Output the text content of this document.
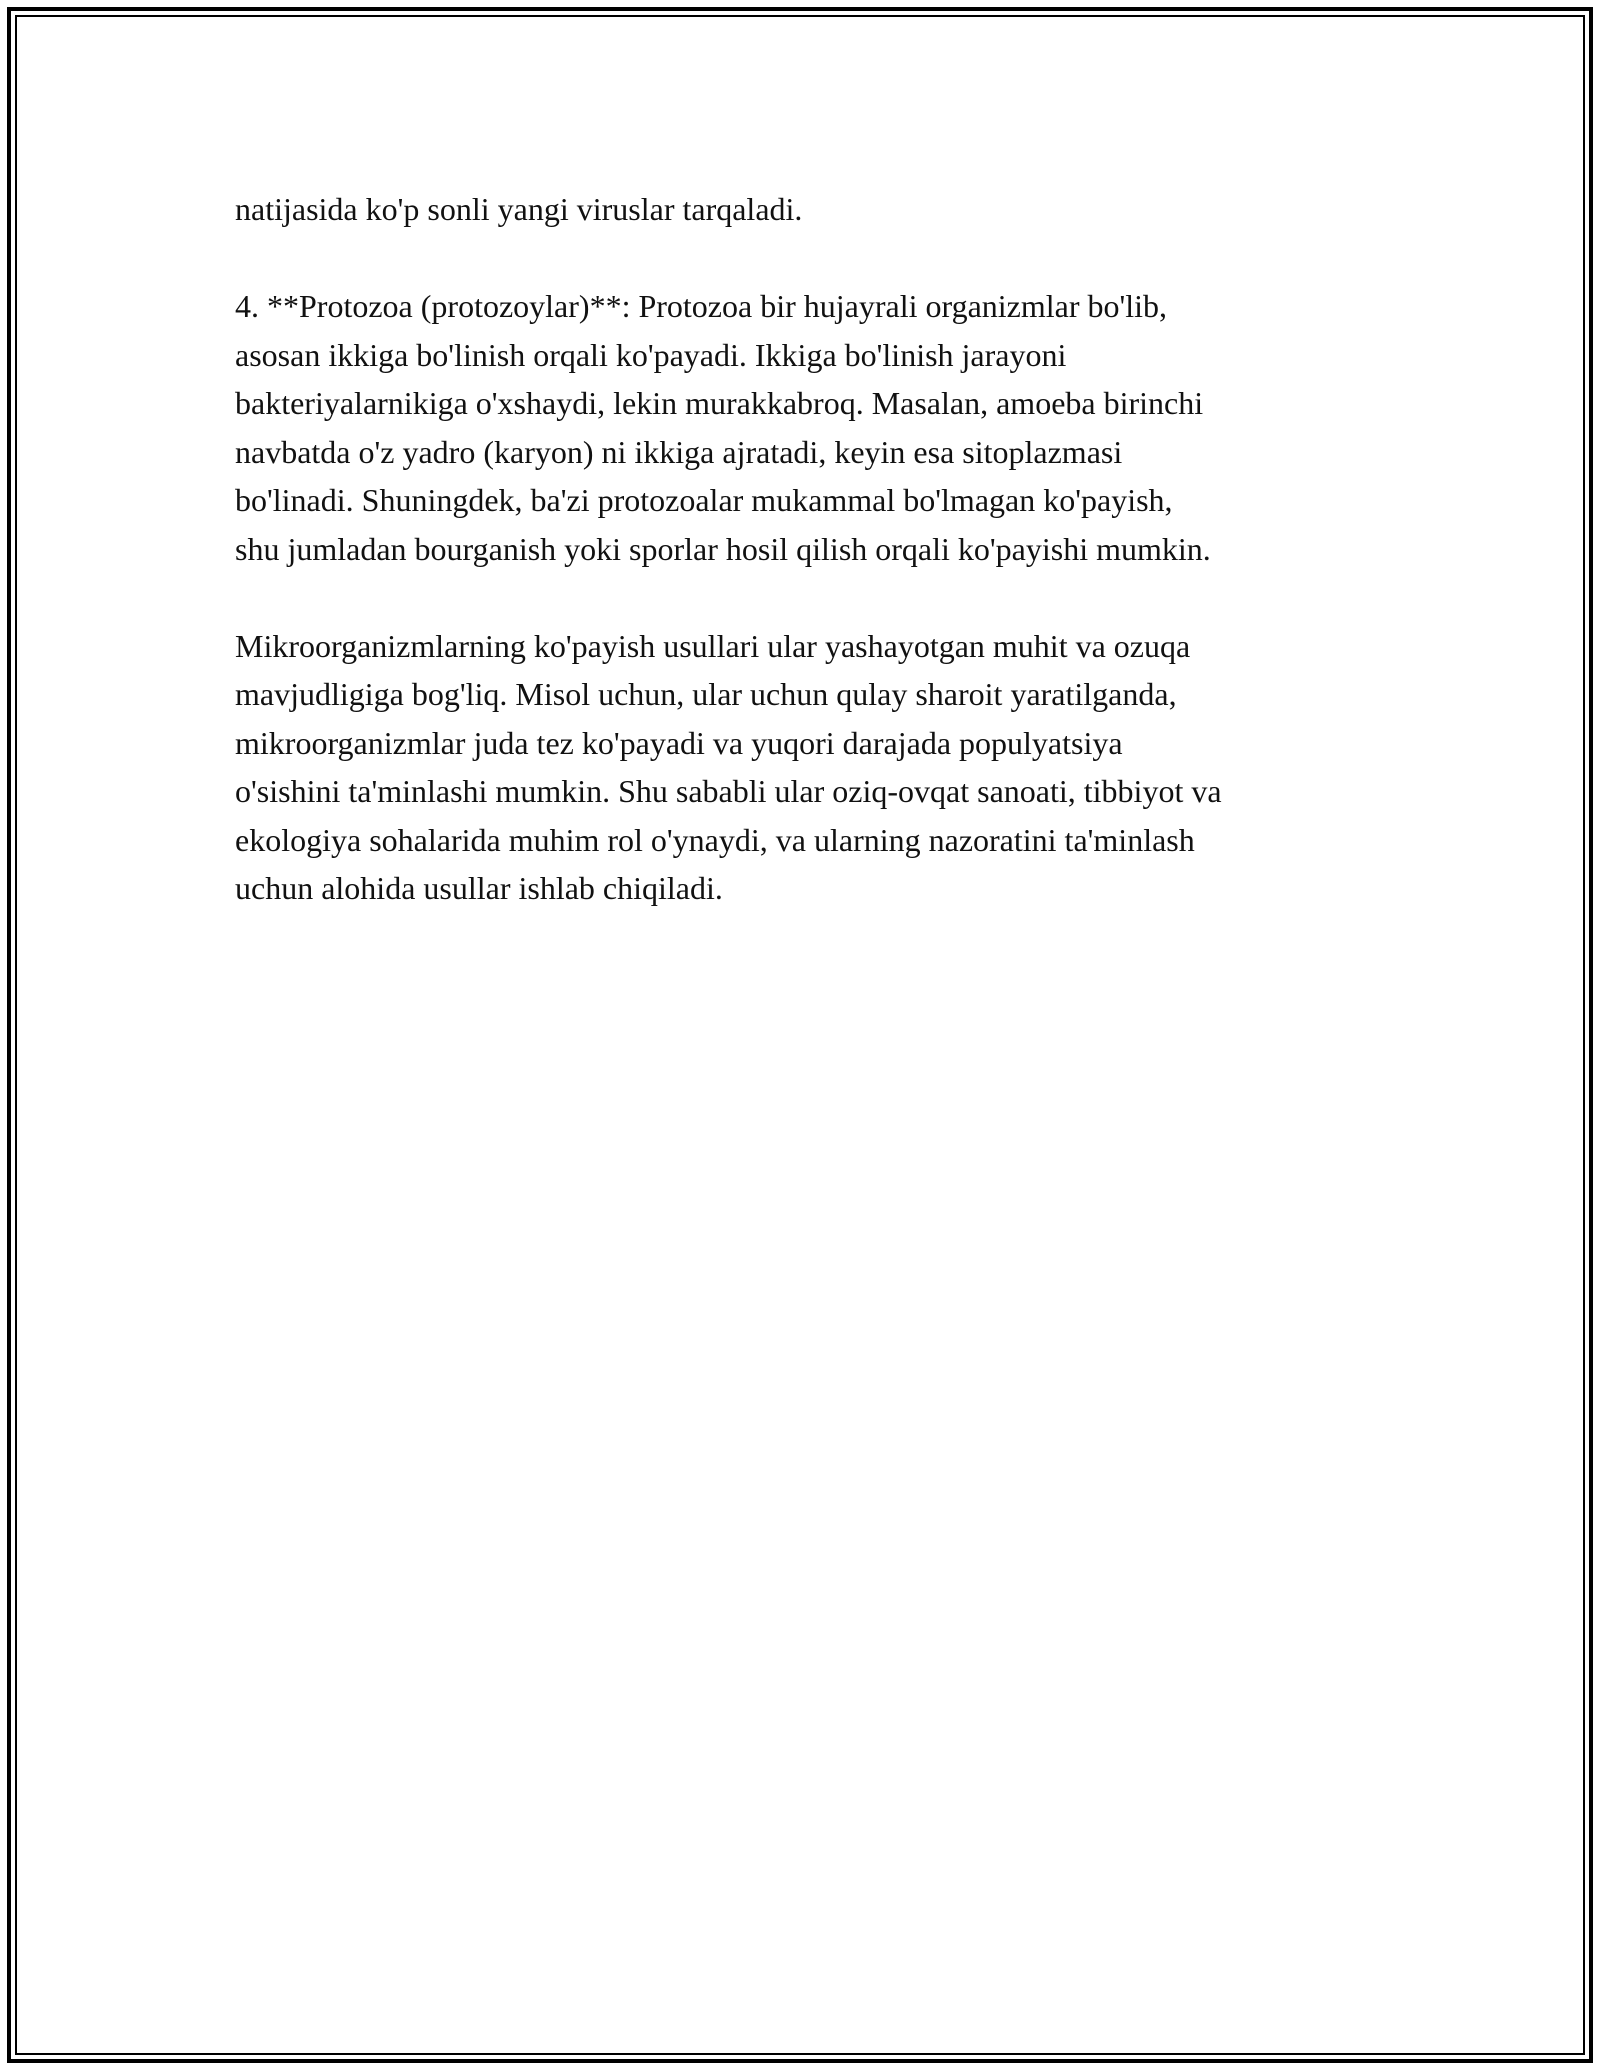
natijasida ko'p sonli yangi viruslar tarqaladi.

4. **Protozoa (protozoylar)**: Protozoa bir hujayrali organizmlar bo'lib,
asosan ikkiga bo'linish orqali ko'payadi. Ikkiga bo'linish jarayoni
bakteriyalarnikiga o'xshaydi, lekin murakkabroq. Masalan, amoeba birinchi
navbatda o'z yadro (karyon) ni ikkiga ajratadi, keyin esa sitoplazmasi
bo'linadi. Shuningdek, ba'zi protozoalar mukammal bo'lmagan ko'payish,
shu jumladan bourganish yoki sporlar hosil qilish orqali ko'payishi mumkin.

Mikroorganizmlarning ko'payish usullari ular yashayotgan muhit va ozuqa
mavjudligiga bog'liq. Misol uchun, ular uchun qulay sharoit yaratilganda,
mikroorganizmlar juda tez ko'payadi va yuqori darajada populyatsiya
o'sishini ta'minlashi mumkin. Shu sababli ular oziq-ovqat sanoati, tibbiyot va
ekologiya sohalarida muhim rol o'ynaydi, va ularning nazoratini ta'minlash
uchun alohida usullar ishlab chiqiladi.
